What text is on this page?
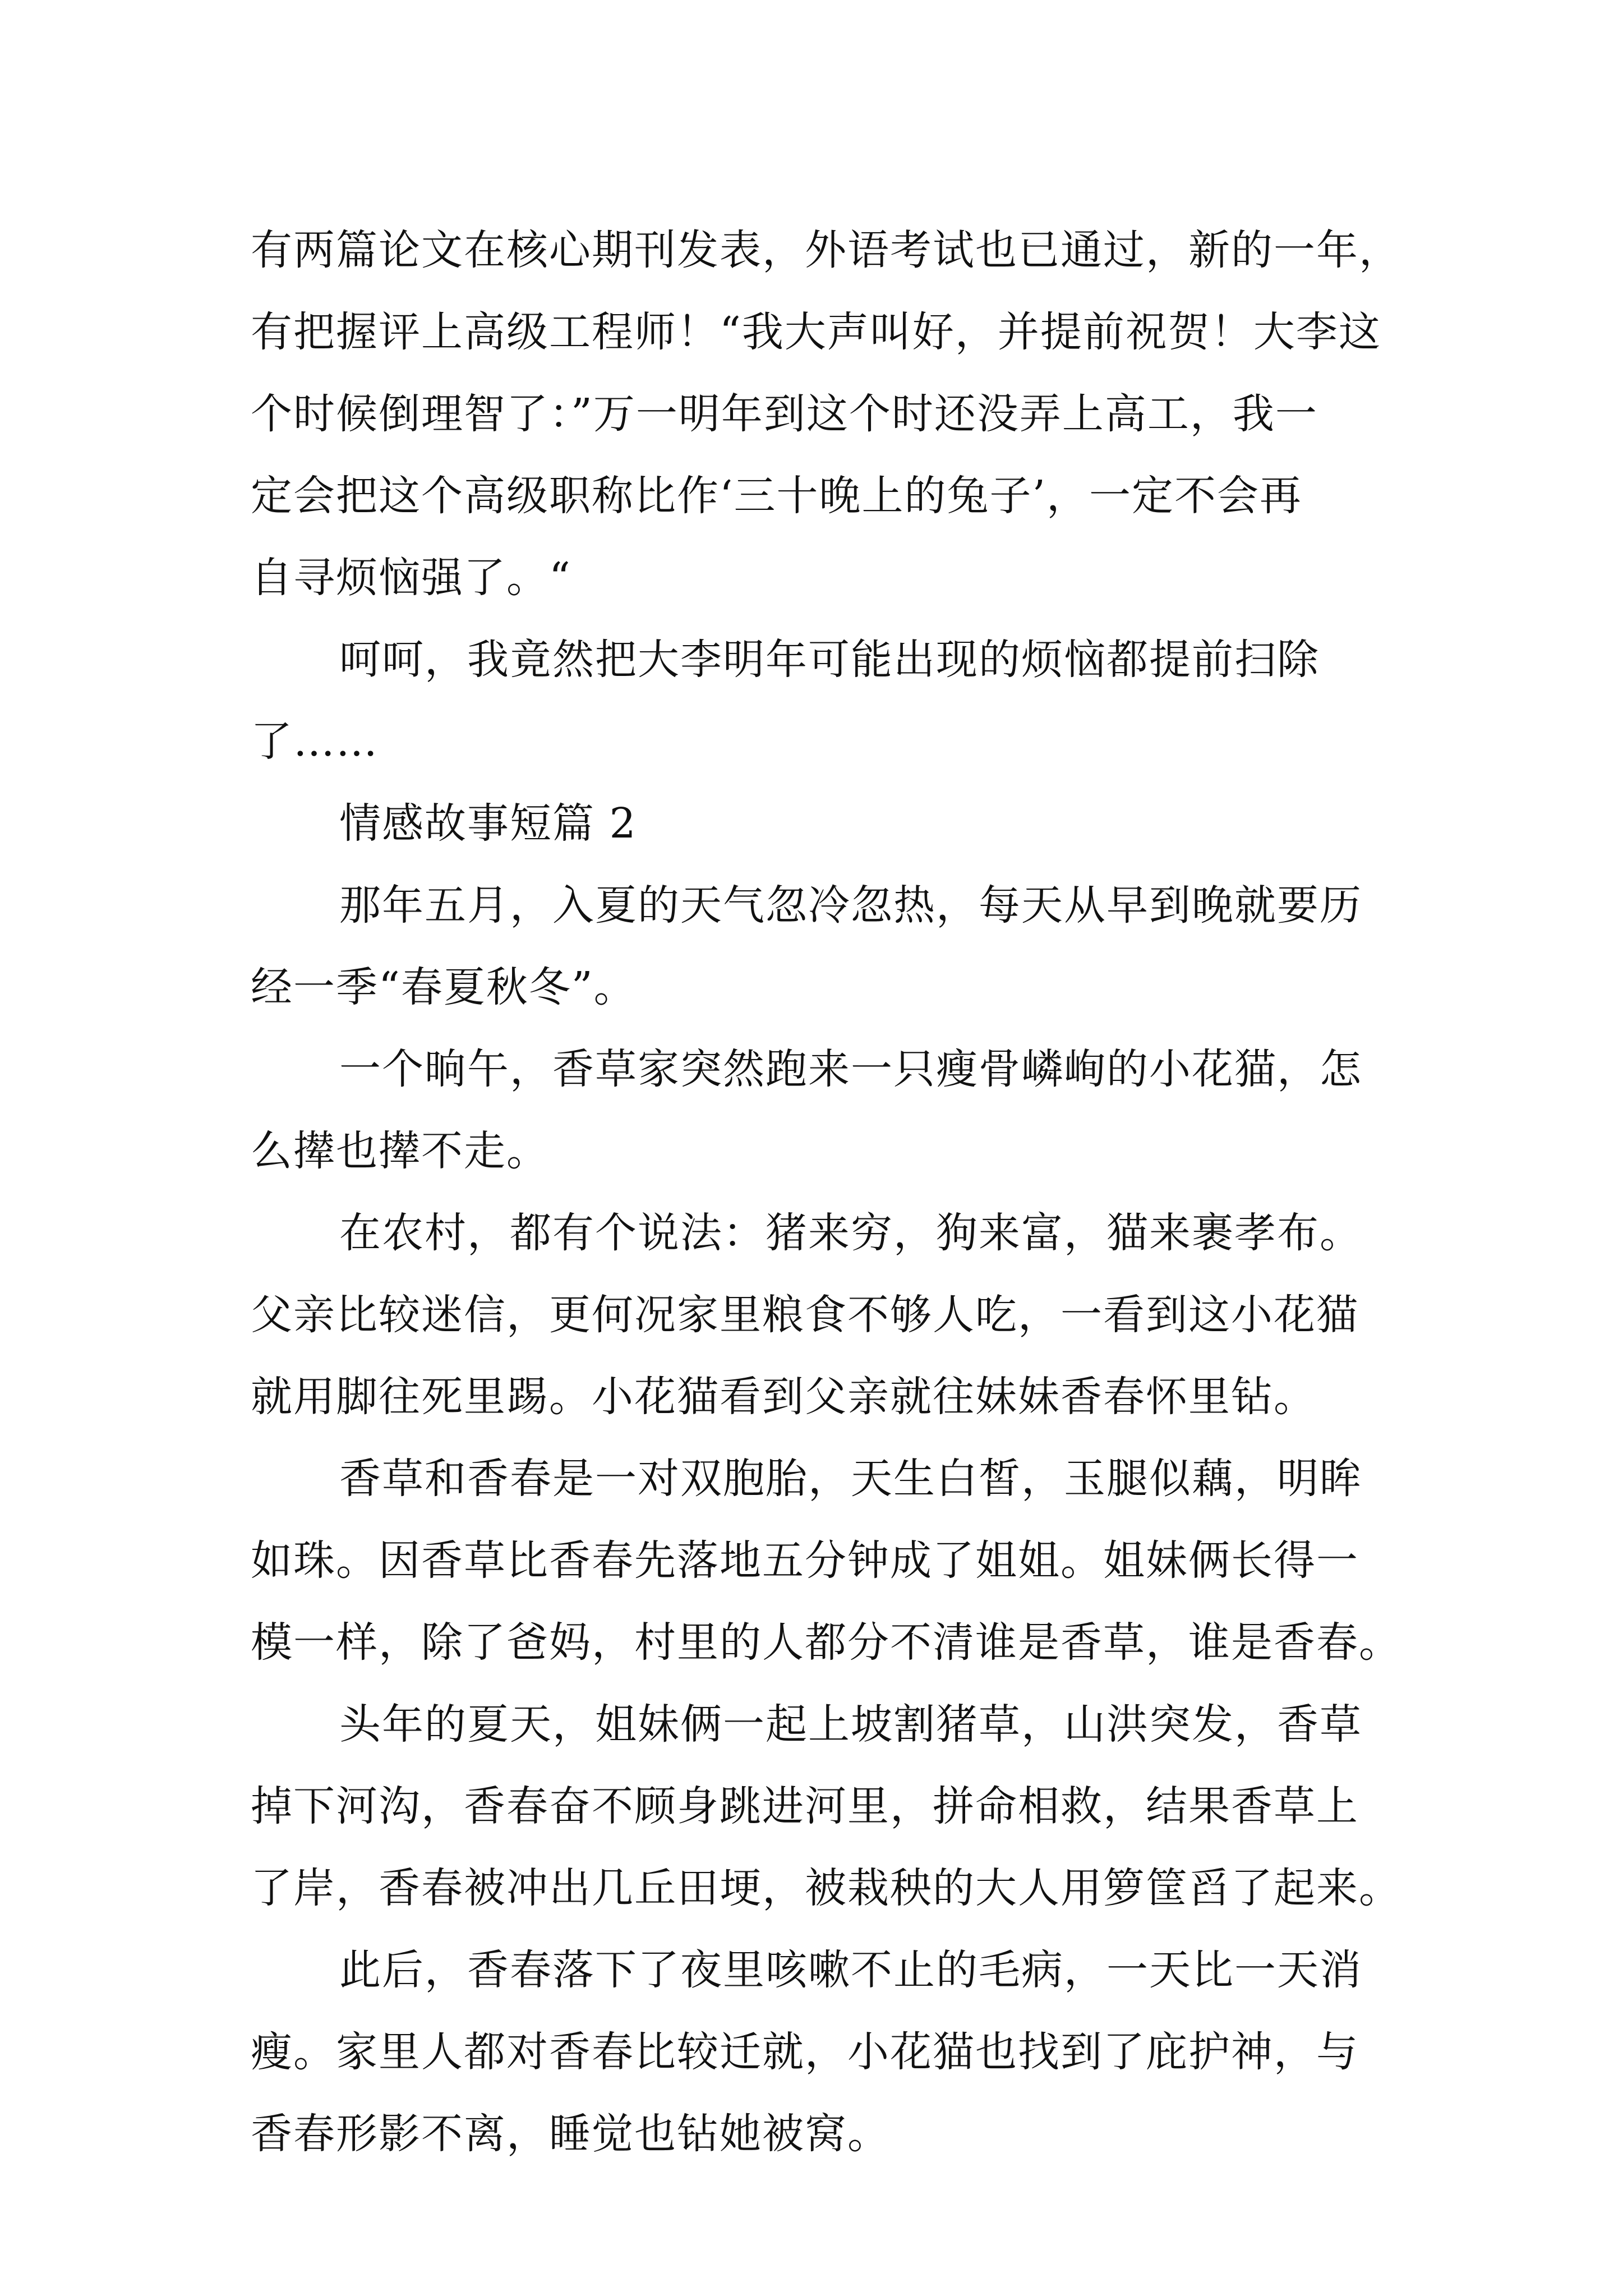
有两篇论文在核心期刊发表，外语考试也已通过，新的一年，
有把握评上高级工程师！“我大声叫好，并提前祝贺！大李这
个时候倒理智了：”万一明年到这个时还没弄上高工，我一
定会把这个高级职称比作‘三十晚上的兔子’，一定不会再
自寻烦恼强了。“
呵呵，我竟然把大李明年可能出现的烦恼都提前扫除
了……
情感故事短篇 2
那年五月，入夏的天气忽冷忽热，每天从早到晚就要历
经一季“春夏秋冬”。
一个晌午，香草家突然跑来一只瘦骨嶙峋的小花猫，怎
么撵也撵不走。
在农村，都有个说法：猪来穷，狗来富，猫来裹孝布。
父亲比较迷信，更何况家里粮食不够人吃，一看到这小花猫
就用脚往死里踢。小花猫看到父亲就往妹妹香春怀里钻。
香草和香春是一对双胞胎，天生白皙，玉腿似藕，明眸
如珠。因香草比香春先落地五分钟成了姐姐。姐妹俩长得一
模一样，除了爸妈，村里的人都分不清谁是香草，谁是香春。
头年的夏天，姐妹俩一起上坡割猪草，山洪突发，香草
掉下河沟，香春奋不顾身跳进河里，拼命相救，结果香草上
了岸，香春被冲出几丘田埂，被栽秧的大人用箩筐舀了起来。
此后，香春落下了夜里咳嗽不止的毛病，一天比一天消
瘦。家里人都对香春比较迁就，小花猫也找到了庇护神，与
香春形影不离，睡觉也钻她被窝。
